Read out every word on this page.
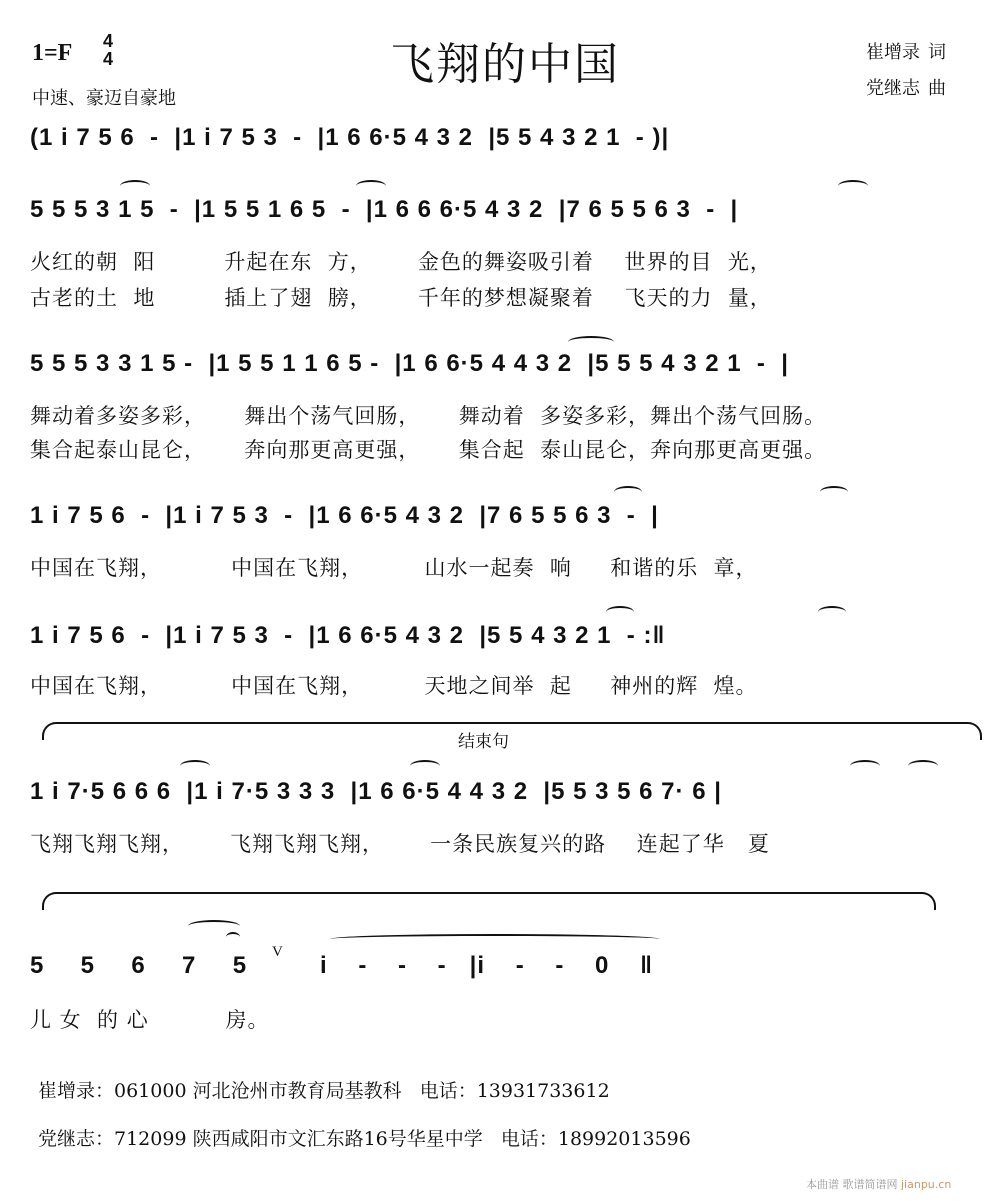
1=F 4
4
中速、豪迈自豪地
飞翔的中国	崔增录 词
党继志 曲
(1 i 7 5 6  -  |1 i 7 5 3  -  |1 6 6·5 4 3 2  |5 5 4 3 2 1  - )|
5 5 5 3 1 5  -  |1 5 5 1 6 5  -  |1 6 6 6·5 4 3 2  |7 6 5 5 6 3  -  |
火红的朝  阳         升起在东  方，      金色的舞姿吸引着    世界的目  光，
古老的土  地         插上了翅  膀，      千年的梦想凝聚着    飞天的力  量，
5 5 5 3 3 1 5 -  |1 5 5 1 1 6 5 -  |1 6 6·5 4 4 3 2  |5 5 5 4 3 2 1  -  |
舞动着多姿多彩，     舞出个荡气回肠，     舞动着  多姿多彩，舞出个荡气回肠。
集合起泰山昆仑，     奔向那更高更强，     集合起  泰山昆仑，奔向那更高更强。
1 i 7 5 6  -  |1 i 7 5 3  -  |1 6 6·5 4 3 2  |7 6 5 5 6 3  -  |
中国在飞翔，         中国在飞翔，        山水一起奏  响     和谐的乐  章，
1 i 7 5 6  -  |1 i 7 5 3  -  |1 6 6·5 4 3 2  |5 5 4 3 2 1  - :‖
中国在飞翔，         中国在飞翔，        天地之间举  起     神州的辉  煌。
结束句
1 i 7·5 6 6 6  |1 i 7·5 3 3 3  |1 6 6·5 4 4 3 2  |5 5 3 5 6 7· 6 |
飞翔飞翔飞翔，      飞翔飞翔飞翔，      一条民族复兴的路    连起了华   夏
5  5  6  7  5	i    -    -    -   |i    -    -    0    ‖
V
儿 女  的 心          房。
崔增录：061000 河北沧州市教育局基教科   电话：13931733612
党继志：712099 陕西咸阳市文汇东路16号华星中学   电话：18992013596
本曲谱 歌谱简谱网 jianpu.cn
